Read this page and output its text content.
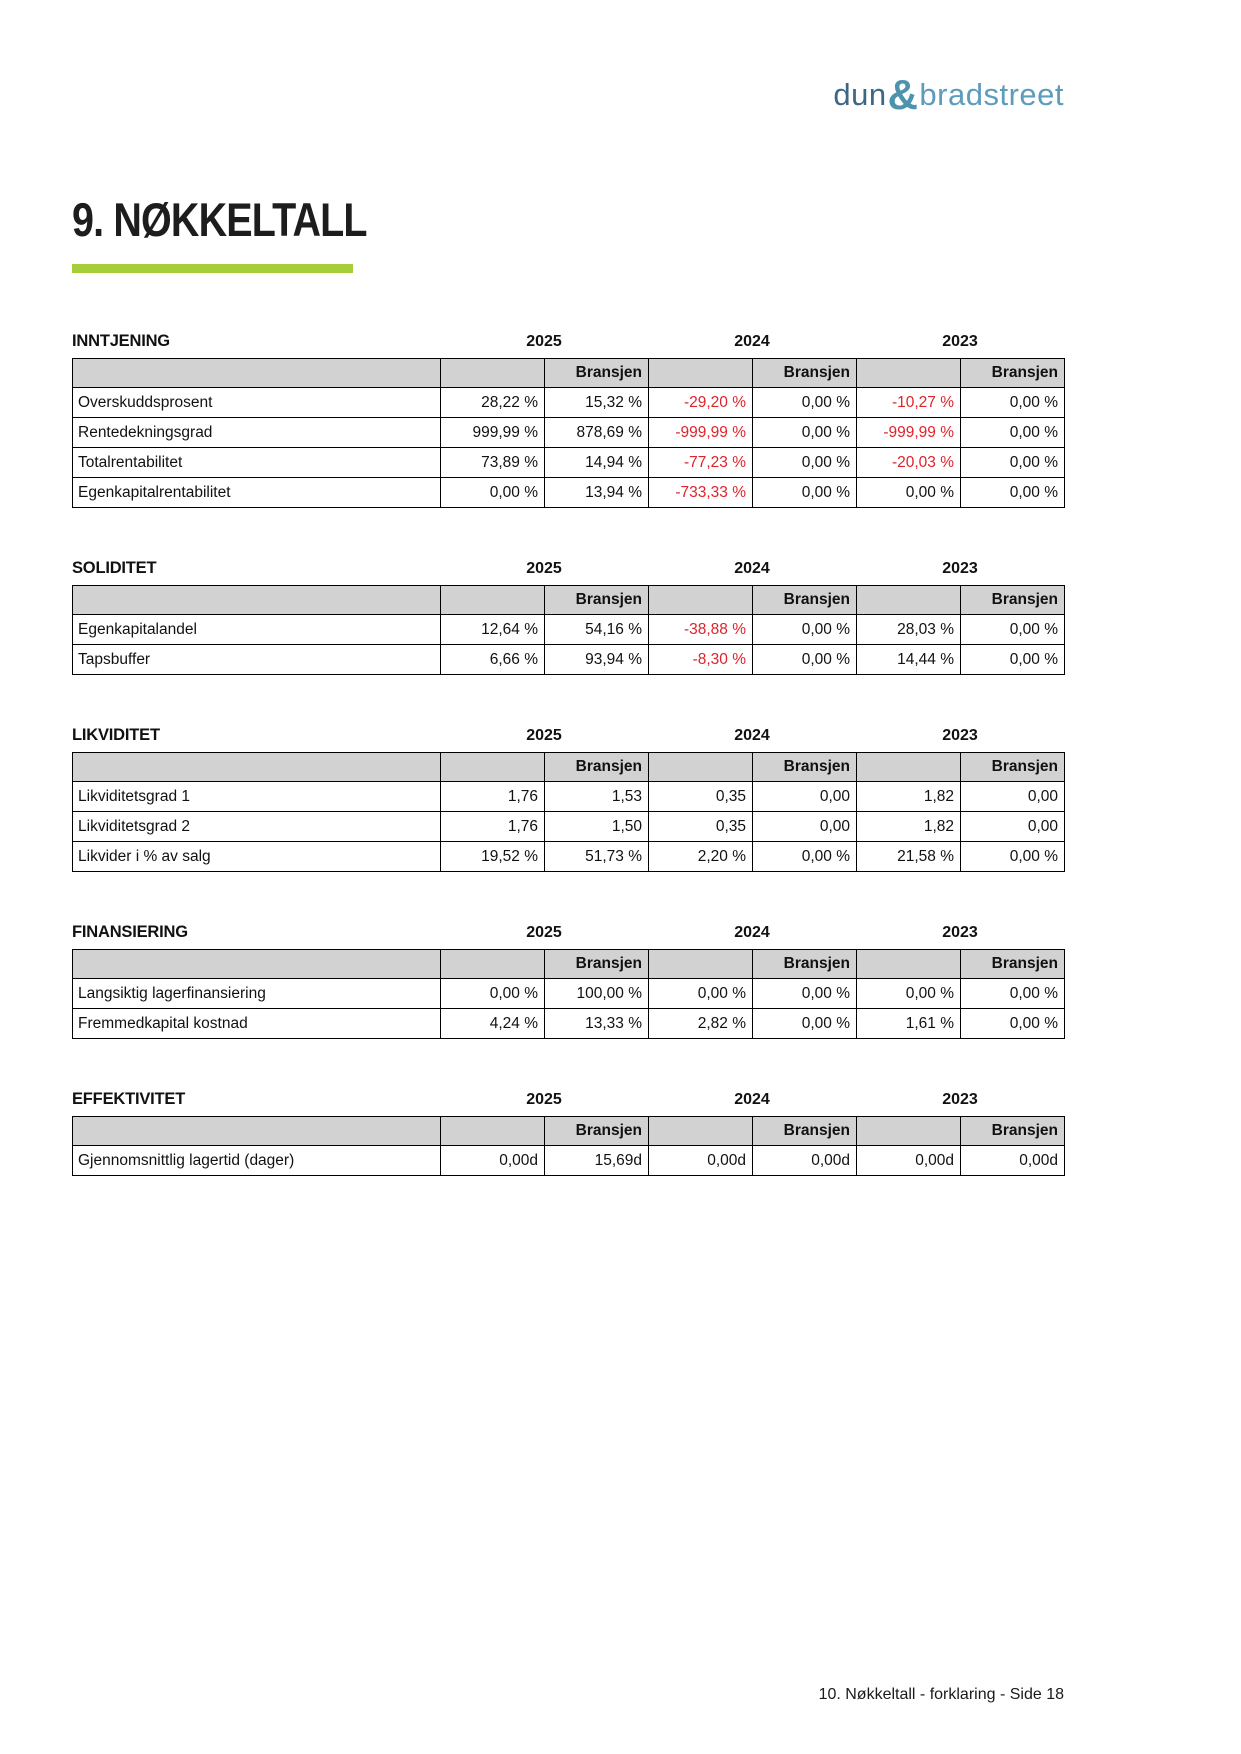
dun&bradstreet
9. NØKKELTALL
INNTJENING	2025	2024	2023
		Bransjen		Bransjen		Bransjen
Overskuddsprosent	28,22 %	15,32 %	-29,20 %	0,00 %	-10,27 %	0,00 %
Rentedekningsgrad	999,99 %	878,69 %	-999,99 %	0,00 %	-999,99 %	0,00 %
Totalrentabilitet	73,89 %	14,94 %	-77,23 %	0,00 %	-20,03 %	0,00 %
Egenkapitalrentabilitet	0,00 %	13,94 %	-733,33 %	0,00 %	0,00 %	0,00 %
SOLIDITET	2025	2024	2023
		Bransjen		Bransjen		Bransjen
Egenkapitalandel	12,64 %	54,16 %	-38,88 %	0,00 %	28,03 %	0,00 %
Tapsbuffer	6,66 %	93,94 %	-8,30 %	0,00 %	14,44 %	0,00 %
LIKVIDITET	2025	2024	2023
		Bransjen		Bransjen		Bransjen
Likviditetsgrad 1	1,76	1,53	0,35	0,00	1,82	0,00
Likviditetsgrad 2	1,76	1,50	0,35	0,00	1,82	0,00
Likvider i % av salg	19,52 %	51,73 %	2,20 %	0,00 %	21,58 %	0,00 %
FINANSIERING	2025	2024	2023
		Bransjen		Bransjen		Bransjen
Langsiktig lagerfinansiering	0,00 %	100,00 %	0,00 %	0,00 %	0,00 %	0,00 %
Fremmedkapital kostnad	4,24 %	13,33 %	2,82 %	0,00 %	1,61 %	0,00 %
EFFEKTIVITET	2025	2024	2023
		Bransjen		Bransjen		Bransjen
Gjennomsnittlig lagertid (dager)	0,00d	15,69d	0,00d	0,00d	0,00d	0,00d
10. Nøkkeltall - forklaring - Side 18
